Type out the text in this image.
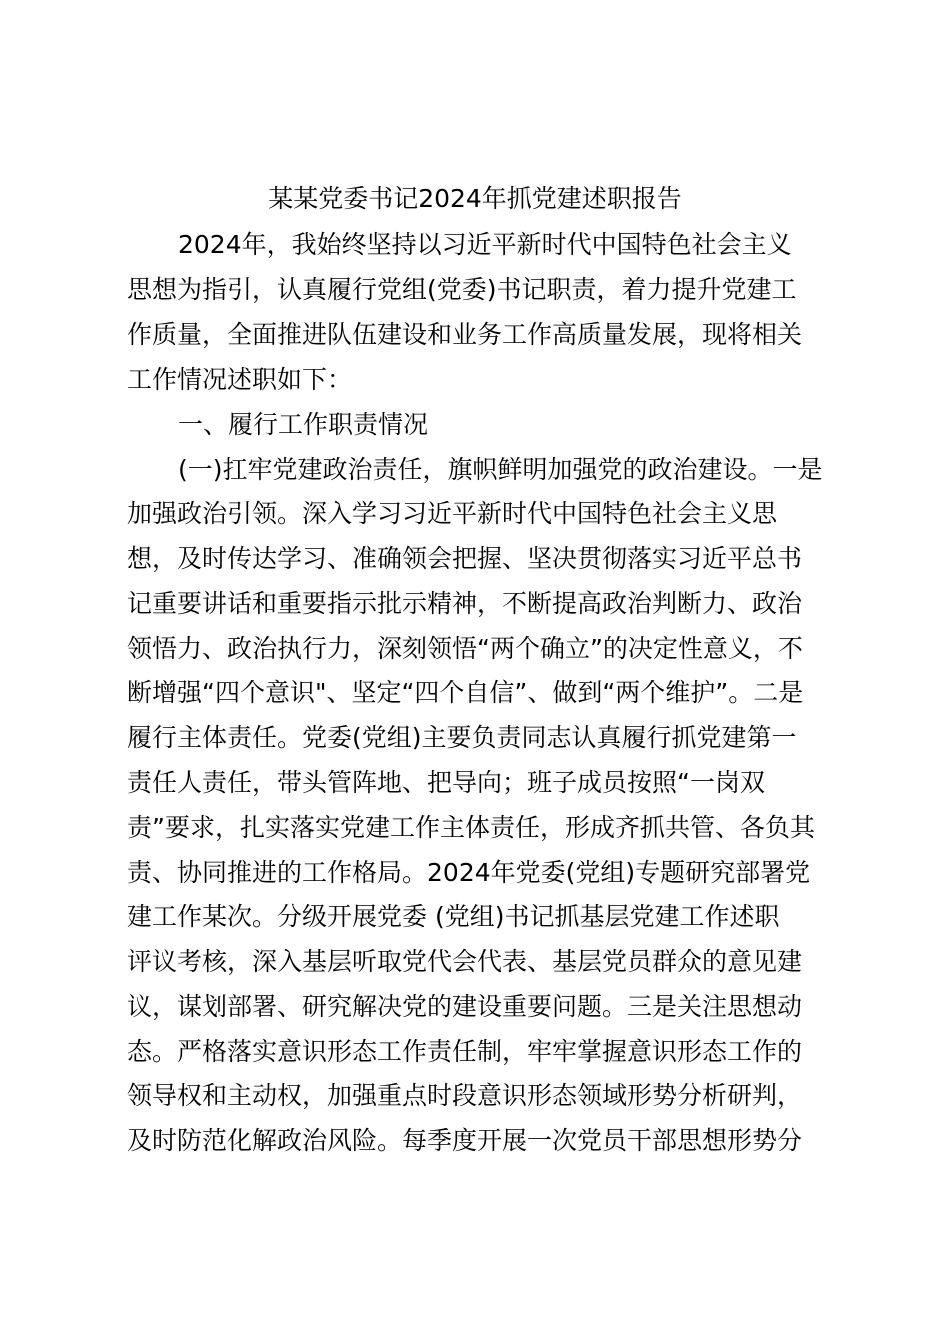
某某党委书记2024年抓党建述职报告
2024年，我始终坚持以习近平新时代中国特色社会主义
思想为指引，认真履行党组(党委)书记职责，着力提升党建工
作质量，全面推进队伍建设和业务工作高质量发展，现将相关
工作情况述职如下：
一、履行工作职责情况
(一)扛牢党建政治责任，旗帜鲜明加强党的政治建设。一是
加强政治引领。深入学习习近平新时代中国特色社会主义思
想，及时传达学习、准确领会把握、坚决贯彻落实习近平总书
记重要讲话和重要指示批示精神，不断提高政治判断力、政治
领悟力、政治执行力，深刻领悟“两个确立”的决定性意义，不
断增强“四个意识"、坚定“四个自信”、做到“两个维护”。二是
履行主体责任。党委(党组)主要负责同志认真履行抓党建第一
责任人责任，带头管阵地、把导向；班子成员按照“一岗双
责”要求，扎实落实党建工作主体责任，形成齐抓共管、各负其
责、协同推进的工作格局。2024年党委(党组)专题研究部署党
建工作某次。分级开展党委 (党组)书记抓基层党建工作述职
评议考核，深入基层听取党代会代表、基层党员群众的意见建
议，谋划部署、研究解决党的建设重要问题。三是关注思想动
态。严格落实意识形态工作责任制，牢牢掌握意识形态工作的
领导权和主动权，加强重点时段意识形态领域形势分析研判，
及时防范化解政治风险。每季度开展一次党员干部思想形势分
